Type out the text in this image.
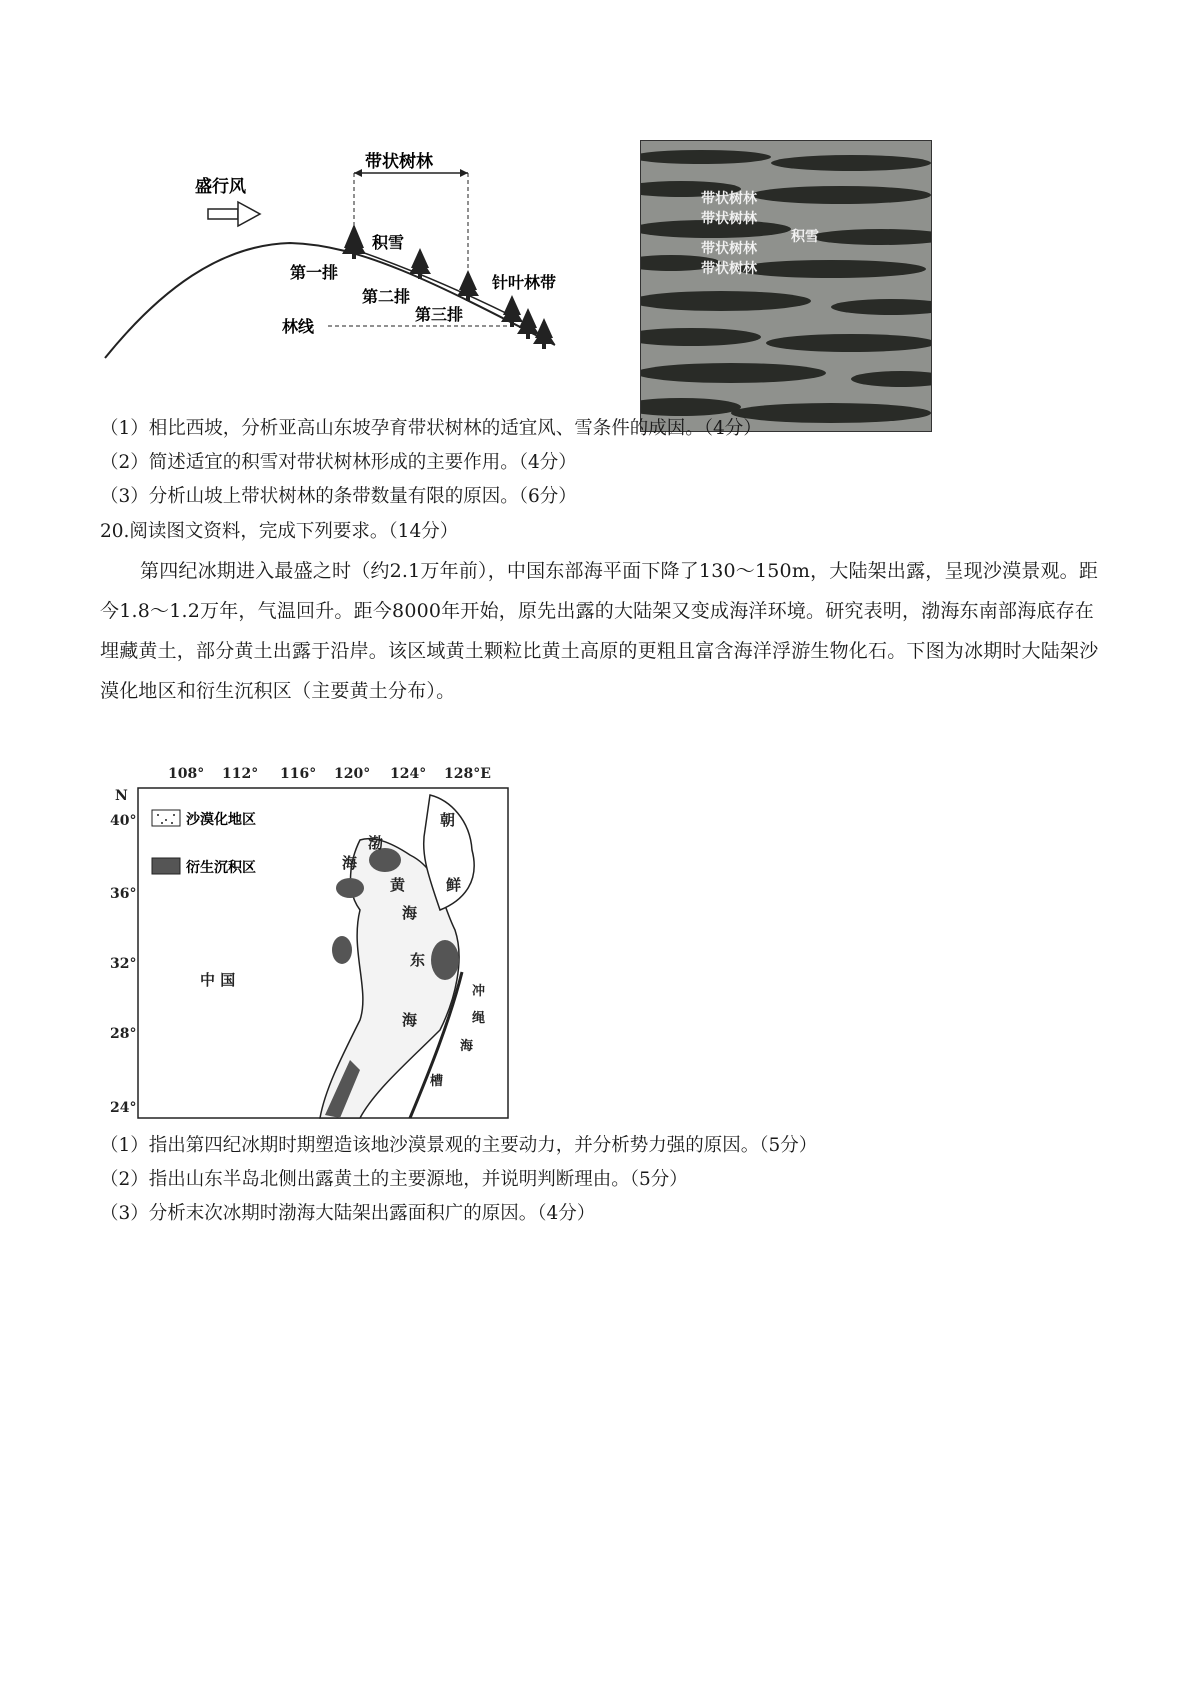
盛行风
带状树林
积雪
第一排
第二排
第三排
针叶林带
林线
带状树林
带状树林
积雪
带状树林
带状树林
（1）相比西坡，分析亚高山东坡孕育带状树林的适宜风、雪条件的成因。（4分）
（2）简述适宜的积雪对带状树林形成的主要作用。（4分）
（3）分析山坡上带状树林的条带数量有限的原因。（6分）
20.阅读图文资料，完成下列要求。（14分）
第四纪冰期进入最盛之时（约2.1万年前），中国东部海平面下降了130～150m，大陆架出露，呈现沙漠景观。距今1.8～1.2万年，气温回升。距今8000年开始，原先出露的大陆架又变成海洋环境。研究表明，渤海东南部海底存在埋藏黄土，部分黄土出露于沿岸。该区域黄土颗粒比黄土高原的更粗且富含海洋浮游生物化石。下图为冰期时大陆架沙漠化地区和衍生沉积区（主要黄土分布）。
108° 112° 116° 120° 124° 128°E
N
40°
36°
32°
28°
24°
沙漠化地区
衍生沉积区
中 国
渤
海
黄
海
东
海
朝
鲜
冲
绳
海
槽
（1）指出第四纪冰期时期塑造该地沙漠景观的主要动力，并分析势力强的原因。（5分）
（2）指出山东半岛北侧出露黄土的主要源地，并说明判断理由。（5分）
（3）分析末次冰期时渤海大陆架出露面积广的原因。（4分）
